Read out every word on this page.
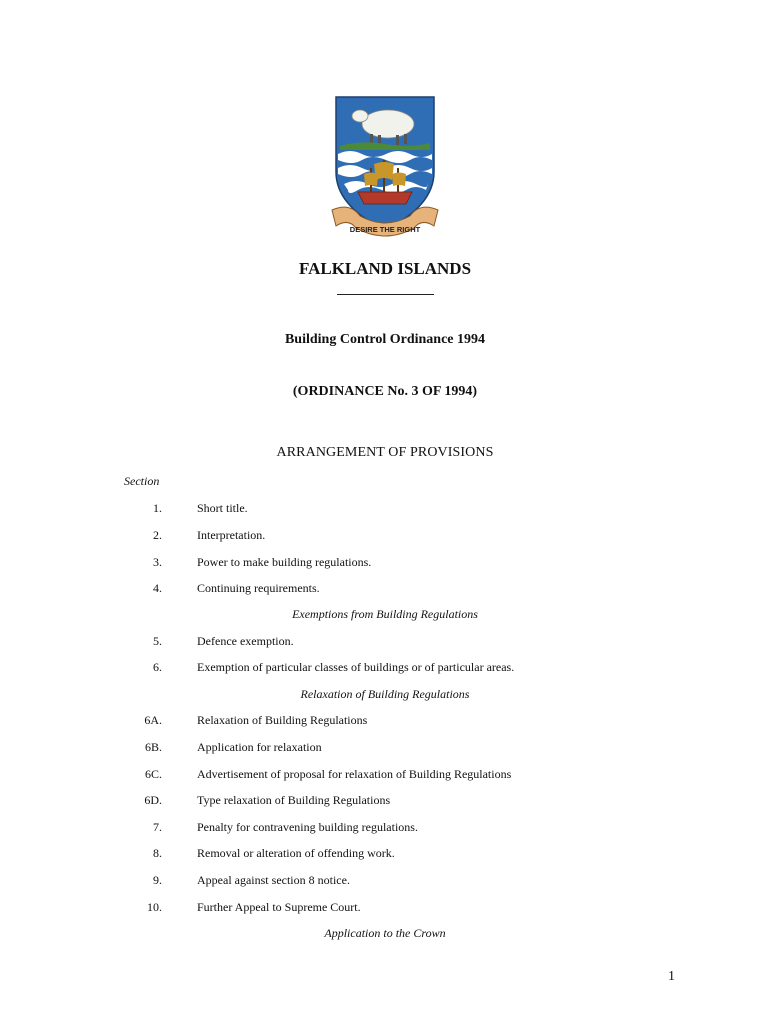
DESIRE THE RIGHT
FALKLAND ISLANDS
Building Control Ordinance 1994
(ORDINANCE No. 3 OF 1994)
ARRANGEMENT OF PROVISIONS
Section
1.	Short title.
2.	Interpretation.
3.	Power to make building regulations.
4.	Continuing requirements.
Exemptions from Building Regulations
5.	Defence exemption.
6.	Exemption of particular classes of buildings or of particular areas.
Relaxation of Building Regulations
6A.	Relaxation of Building Regulations
6B.	Application for relaxation
6C.	Advertisement of proposal for relaxation of Building Regulations
6D.	Type relaxation of Building Regulations
7.	Penalty for contravening building regulations.
8.	Removal or alteration of offending work.
9.	Appeal against section 8 notice.
10.	Further Appeal to Supreme Court.
Application to the Crown
1
